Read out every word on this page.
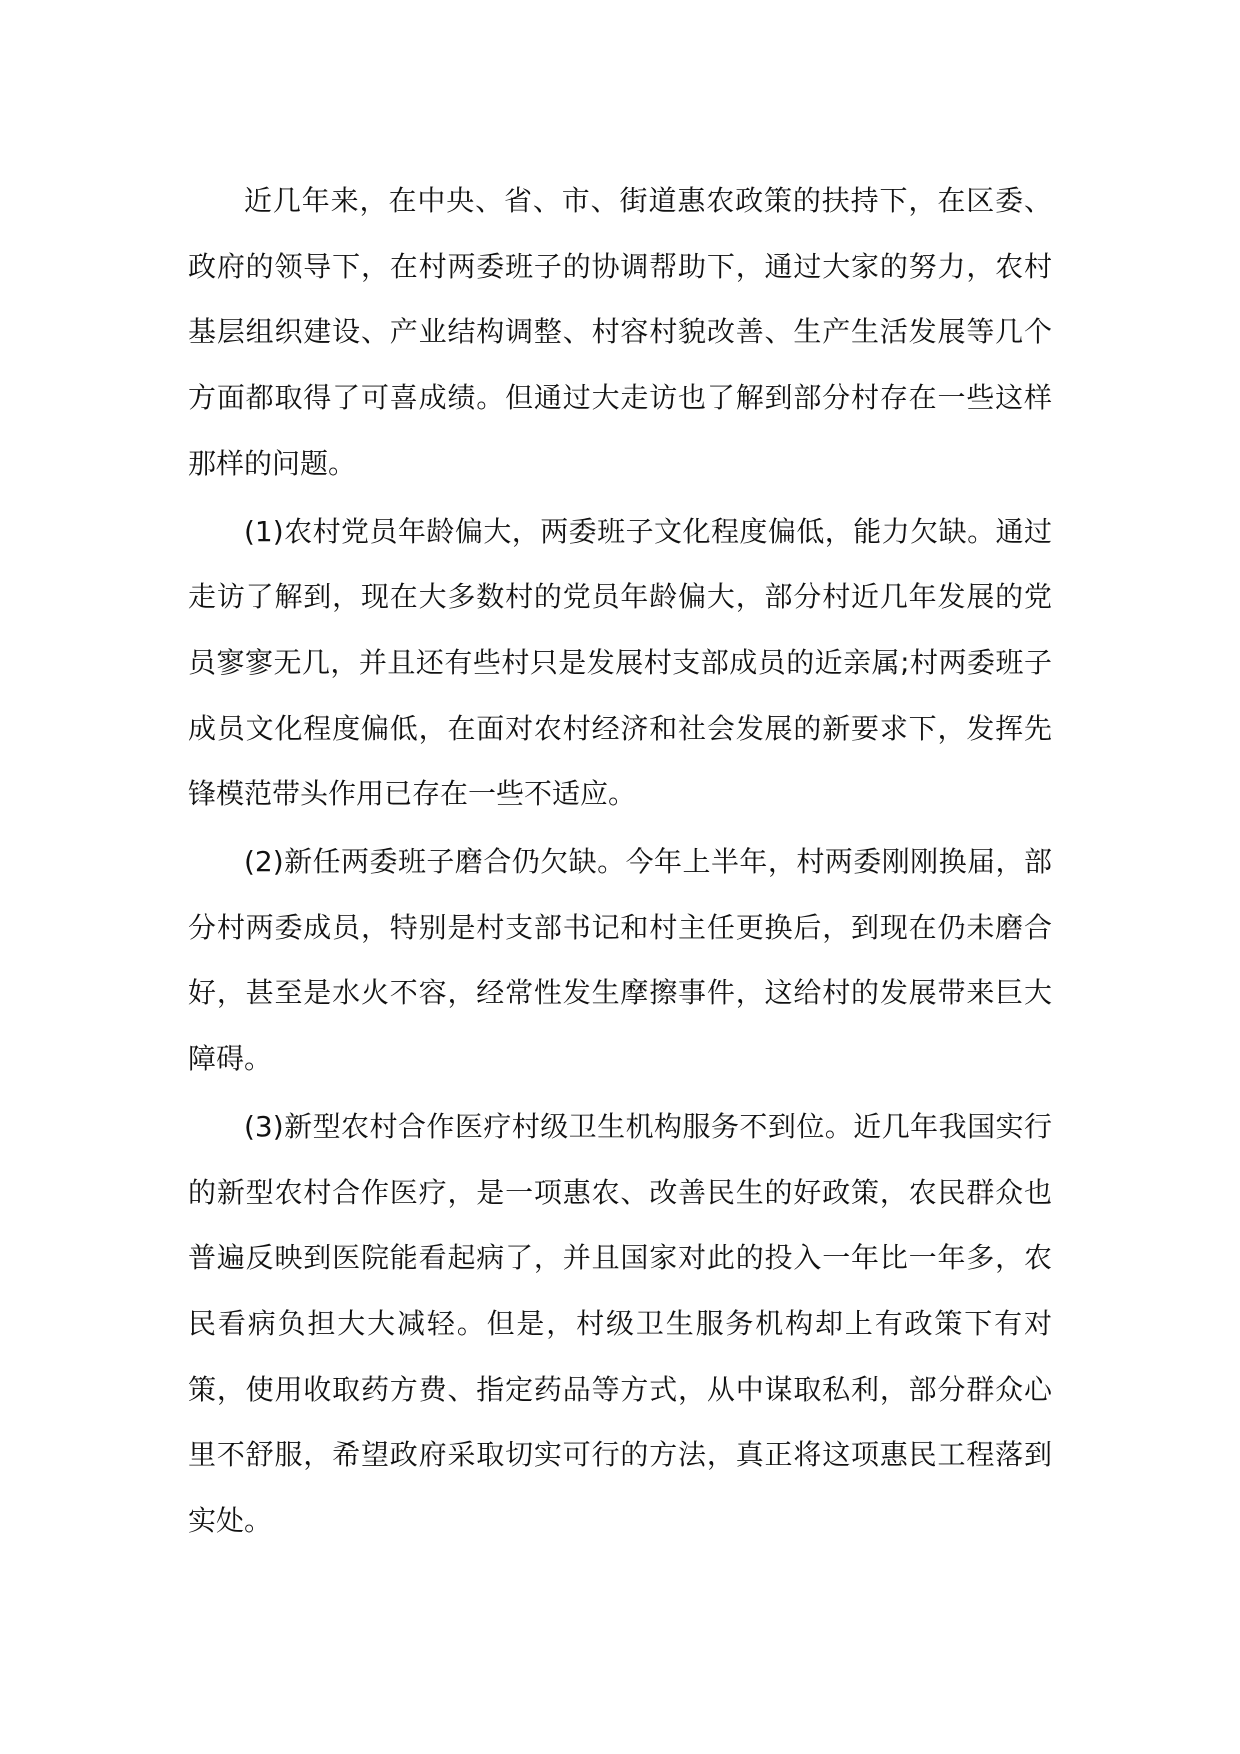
近几年来，在中央、省、市、街道惠农政策的扶持下，在区委、政府的领导下，在村两委班子的协调帮助下，通过大家的努力，农村基层组织建设、产业结构调整、村容村貌改善、生产生活发展等几个方面都取得了可喜成绩。但通过大走访也了解到部分村存在一些这样那样的问题。

(1)农村党员年龄偏大，两委班子文化程度偏低，能力欠缺。通过走访了解到，现在大多数村的党员年龄偏大，部分村近几年发展的党员寥寥无几，并且还有些村只是发展村支部成员的近亲属;村两委班子成员文化程度偏低，在面对农村经济和社会发展的新要求下，发挥先锋模范带头作用已存在一些不适应。

(2)新任两委班子磨合仍欠缺。今年上半年，村两委刚刚换届，部分村两委成员，特别是村支部书记和村主任更换后，到现在仍未磨合好，甚至是水火不容，经常性发生摩擦事件，这给村的发展带来巨大障碍。

(3)新型农村合作医疗村级卫生机构服务不到位。近几年我国实行的新型农村合作医疗，是一项惠农、改善民生的好政策，农民群众也普遍反映到医院能看起病了，并且国家对此的投入一年比一年多，农民看病负担大大减轻。但是，村级卫生服务机构却上有政策下有对策，使用收取药方费、指定药品等方式，从中谋取私利，部分群众心里不舒服，希望政府采取切实可行的方法，真正将这项惠民工程落到实处。
